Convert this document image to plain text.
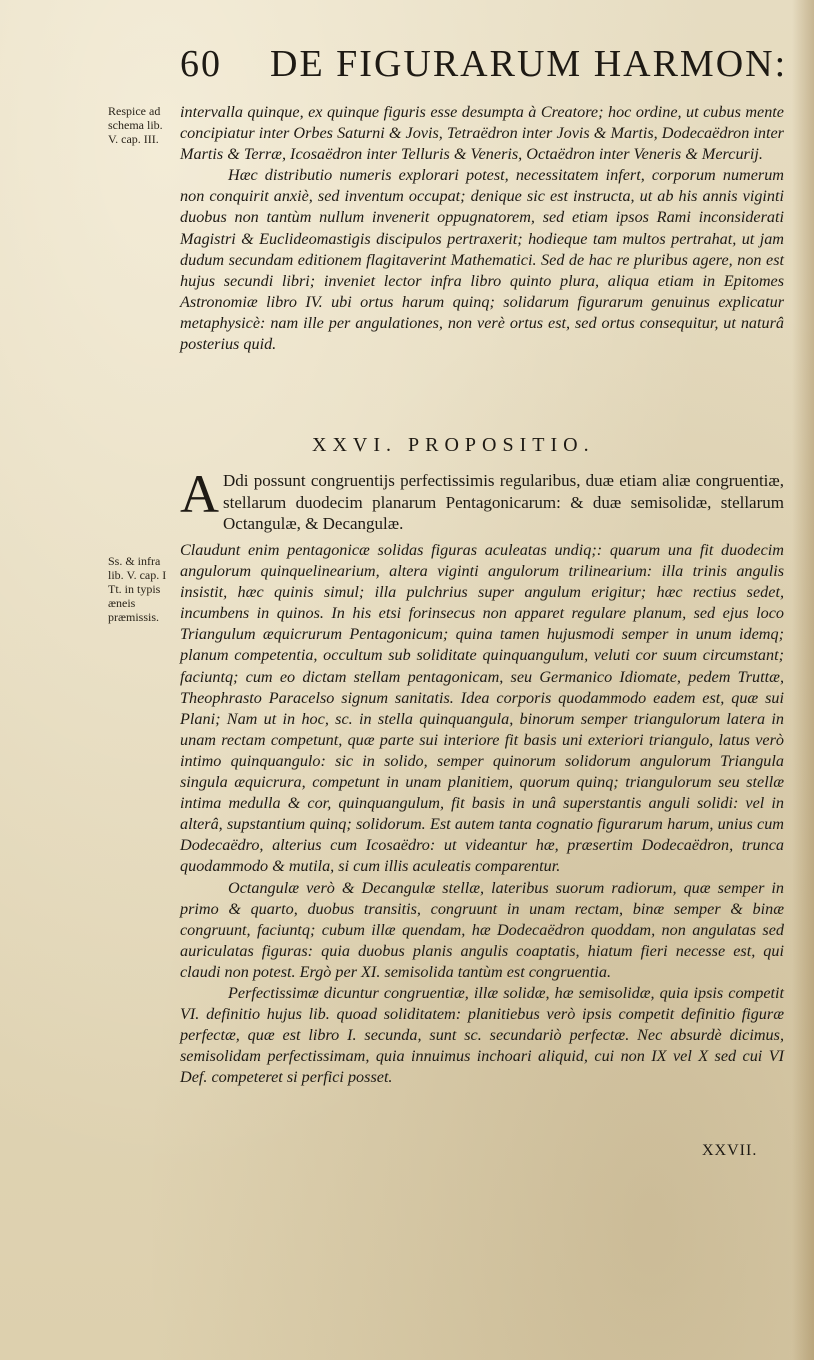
60 DE FIGURARUM HARMON:
Respice ad schema lib. V. cap. III.

intervalla quinque, ex quinque figuris esse desumpta à Creatore; hoc ordine, ut cubus mente concipiatur inter Orbes Saturni & Jovis, Tetraëdron inter Jovis & Martis, Dodecaëdron inter Martis & Terræ, Icosaëdron inter Telluris & Veneris, Octaëdron inter Veneris & Mercurij.

Hæc distributio numeris explorari potest, necessitatem infert, corporum numerum non conquirit anxiè, sed inventum occupat; denique sic est instructa, ut ab his annis viginti duobus non tantùm nullum invenerit oppugnatorem, sed etiam ipsos Rami inconsiderati Magistri & Euclideomastigis discipulos pertraxerit; hodieque tam multos pertrahat, ut jam dudum secundam editionem flagitaverint Mathematici. Sed de hac re pluribus agere, non est hujus secundi libri; inveniet lector infra libro quinto plura, aliqua etiam in Epitomes Astronomiæ libro IV. ubi ortus harum quinq; solidarum figurarum genuinus explicatur metaphysicè: nam ille per angulationes, non verè ortus est, sed ortus consequitur, ut naturâ posterius quid.

XXVI. PROPOSITIO.

A Ddi possunt congruentijs perfectissimis regularibus, duæ etiam aliæ congruentiæ, stellarum duodecim planarum Pentagonicarum: & duæ semisolidæ, stellarum Octangulæ, & Decangulæ.

Ss. & infra lib. V. cap. I Tt. in typis æneis præmissis.

Claudunt enim pentagonicæ solidas figuras aculeatas undiq;: quarum una fit duodecim angulorum quinquelinearium, altera viginti angulorum trilinearium: illa trinis angulis insistit, hæc quinis simul; illa pulchrius super angulum erigitur; hæc rectius sedet, incumbens in quinos. In his etsi forinsecus non apparet regulare planum, sed ejus loco Triangulum æquicrurum Pentagonicum; quina tamen hujusmodi semper in unum idemq; planum competentia, occultum sub soliditate quinquangulum, veluti cor suum circumstant; faciuntq; cum eo dictam stellam pentagonicam, seu Germanico Idiomate, pedem Truttæ, Theophrasto Paracelso signum sanitatis. Idea corporis quodammodo eadem est, quæ sui Plani; Nam ut in hoc, sc. in stella quinquangula, binorum semper triangulorum latera in unam rectam competunt, quæ parte sui interiore fit basis uni exteriori triangulo, latus verò intimo quinquangulo: sic in solido, semper quinorum solidorum angulorum Triangula singula æquicrura, competunt in unam planitiem, quorum quinq; triangulorum seu stellæ intima medulla & cor, quinquangulum, fit basis in unâ superstantis anguli solidi: vel in alterâ, supstantium quinq; solidorum. Est autem tanta cognatio figurarum harum, unius cum Dodecaëdro, alterius cum Icosaëdro: ut videantur hæ, præsertim Dodecaëdron, trunca quodammodo & mutila, si cum illis aculeatis comparentur.

Octangulæ verò & Decangulæ stellæ, lateribus suorum radiorum, quæ semper in primo & quarto, duobus transitis, congruunt in unam rectam, binæ semper & binæ congruunt, faciuntq; cubum illæ quendam, hæ Dodecaëdron quoddam, non angulatas sed auriculatas figuras: quia duobus planis angulis coaptatis, hiatum fieri necesse est, qui claudi non potest. Ergò per XI. semisolida tantùm est congruentia.

Perfectissimæ dicuntur congruentiæ, illæ solidæ, hæ semisolidæ, quia ipsis competit VI. definitio hujus lib. quoad soliditatem: planitiebus verò ipsis competit definitio figuræ perfectæ, quæ est libro I. secunda, sunt sc. secundariò perfectæ. Nec absurdè dicimus, semisolidam perfectissimam, quia innuimus inchoari aliquid, cui non IX vel X sed cui VI Def. competeret si perfici posset.

XXVII.
